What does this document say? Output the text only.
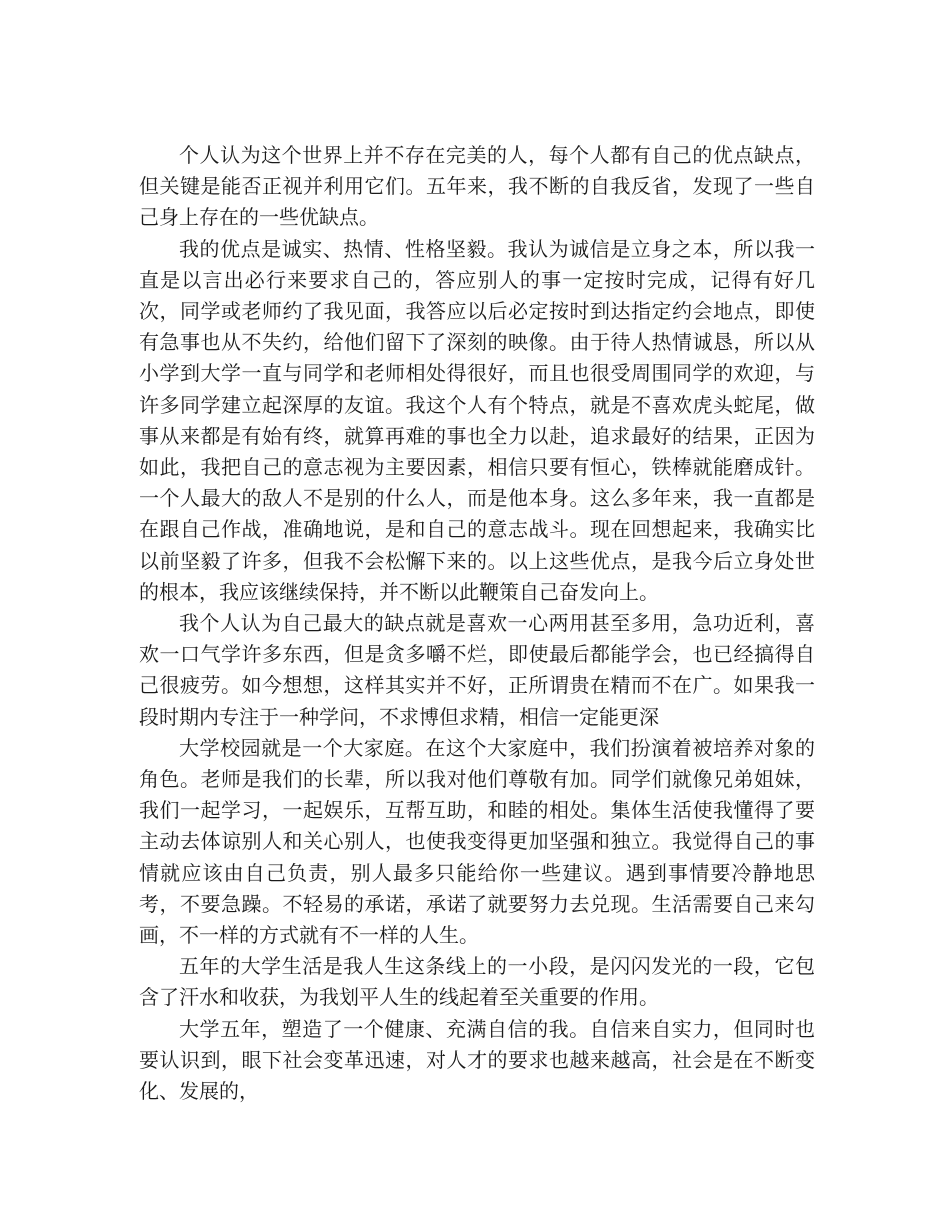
个人认为这个世界上并不存在完美的人，每个人都有自己的优点缺点，但关键是能否正视并利用它们。五年来，我不断的自我反省，发现了一些自己身上存在的一些优缺点。

我的优点是诚实、热情、性格坚毅。我认为诚信是立身之本，所以我一直是以言出必行来要求自己的，答应别人的事一定按时完成，记得有好几次，同学或老师约了我见面，我答应以后必定按时到达指定约会地点，即使有急事也从不失约，给他们留下了深刻的映像。由于待人热情诚恳，所以从小学到大学一直与同学和老师相处得很好，而且也很受周围同学的欢迎，与许多同学建立起深厚的友谊。我这个人有个特点，就是不喜欢虎头蛇尾，做事从来都是有始有终，就算再难的事也全力以赴，追求最好的结果，正因为如此，我把自己的意志视为主要因素，相信只要有恒心，铁棒就能磨成针。一个人最大的敌人不是别的什么人，而是他本身。这么多年来，我一直都是在跟自己作战，准确地说，是和自己的意志战斗。现在回想起来，我确实比以前坚毅了许多，但我不会松懈下来的。以上这些优点，是我今后立身处世的根本，我应该继续保持，并不断以此鞭策自己奋发向上。

我个人认为自己最大的缺点就是喜欢一心两用甚至多用，急功近利，喜欢一口气学许多东西，但是贪多嚼不烂，即使最后都能学会，也已经搞得自己很疲劳。如今想想，这样其实并不好，正所谓贵在精而不在广。如果我一段时期内专注于一种学问，不求博但求精，相信一定能更深

大学校园就是一个大家庭。在这个大家庭中，我们扮演着被培养对象的角色。老师是我们的长辈，所以我对他们尊敬有加。同学们就像兄弟姐妹，我们一起学习，一起娱乐，互帮互助，和睦的相处。集体生活使我懂得了要主动去体谅别人和关心别人，也使我变得更加坚强和独立。我觉得自己的事情就应该由自己负责，别人最多只能给你一些建议。遇到事情要冷静地思考，不要急躁。不轻易的承诺，承诺了就要努力去兑现。生活需要自己来勾画，不一样的方式就有不一样的人生。

五年的大学生活是我人生这条线上的一小段，是闪闪发光的一段，它包含了汗水和收获，为我划平人生的线起着至关重要的作用。

大学五年，塑造了一个健康、充满自信的我。自信来自实力，但同时也要认识到，眼下社会变革迅速，对人才的要求也越来越高，社会是在不断变化、发展的，
